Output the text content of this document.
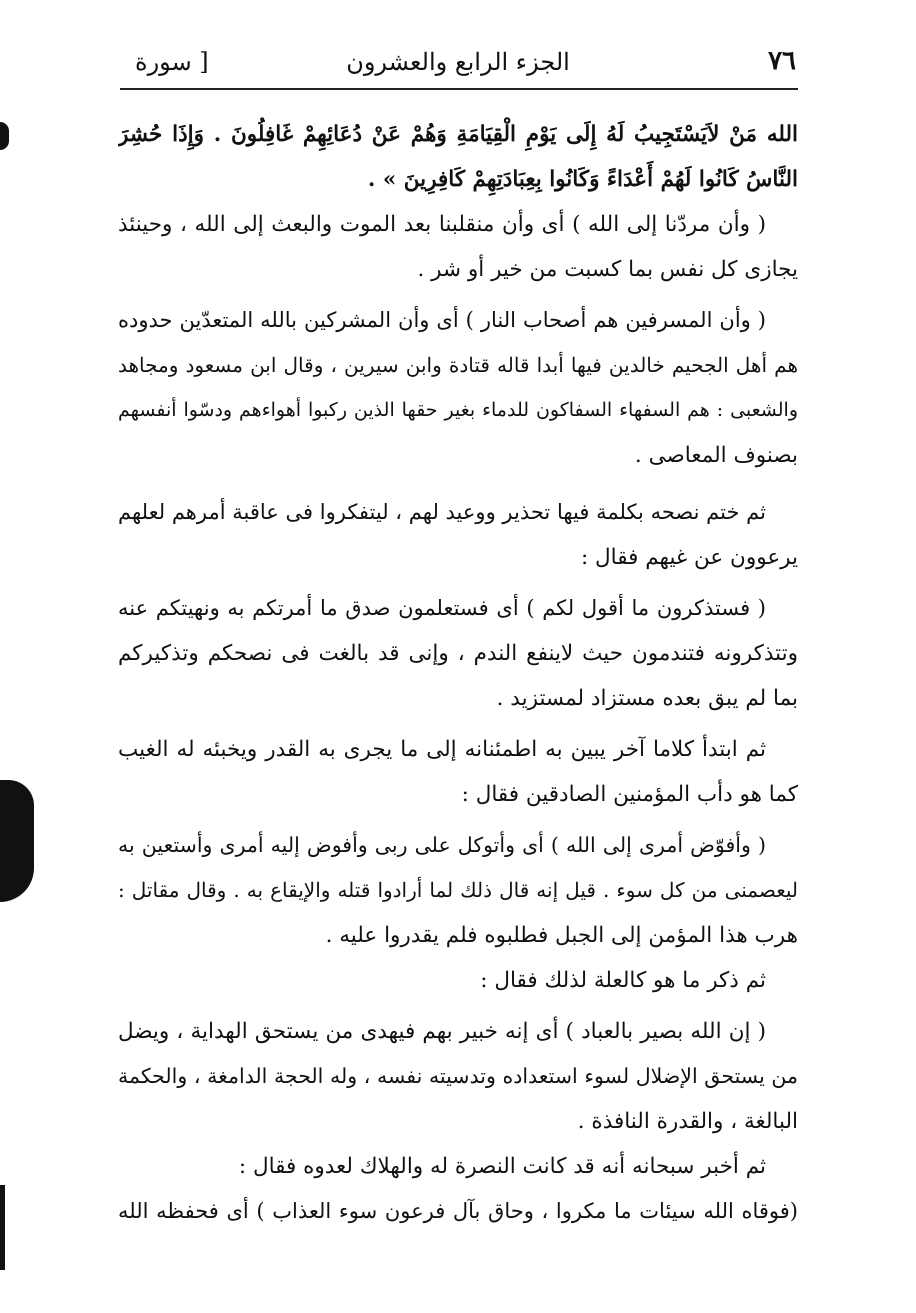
٧٦
الجزء الرابع والعشرون
[ سورة
الله مَنْ لاَيَسْتَجِيبُ لَهُ إِلَى يَوْمِ الْقِيَامَةِ وَهُمْ عَنْ دُعَائِهِمْ غَافِلُونَ . وَإِذَا حُشِرَ
النَّاسُ كَانُوا لَهُمْ أَعْدَاءً وَكَانُوا بِعِبَادَتِهِمْ كَافِرِينَ » .
( وأن مردّنا إلى الله ) أى وأن منقلبنا بعد الموت والبعث إلى الله ، وحينئذ
يجازى كل نفس بما كسبت من خير أو شر .
( وأن المسرفين هم أصحاب النار ) أى وأن المشركين بالله المتعدّين حدوده
هم أهل الجحيم خالدين فيها أبدا قاله قتادة وابن سيرين ، وقال ابن مسعود ومجاهد
والشعبى : هم السفهاء السفاكون للدماء بغير حقها الذين ركبوا أهواءهم ودسّوا أنفسهم
بصنوف المعاصى .
ثم ختم نصحه بكلمة فيها تحذير ووعيد لهم ، ليتفكروا فى عاقبة أمرهم لعلهم
يرعوون عن غيهم فقال :
( فستذكرون ما أقول لكم ) أى فستعلمون صدق ما أمرتكم به ونهيتكم عنه
وتتذكرونه فتندمون حيث لاينفع الندم ، وإنى قد بالغت فى نصحكم وتذكيركم
بما لم يبق بعده مستزاد لمستزيد .
ثم ابتدأ كلاما آخر يبين به اطمئنانه إلى ما يجرى به القدر ويخبئه له الغيب
كما هو دأب المؤمنين الصادقين فقال :
( وأفوّض أمرى إلى الله ) أى وأتوكل على ربى وأفوض إليه أمرى وأستعين به
ليعصمنى من كل سوء . قيل إنه قال ذلك لما أرادوا قتله والإيقاع به . وقال مقاتل :
هرب هذا المؤمن إلى الجبل فطلبوه فلم يقدروا عليه .
ثم ذكر ما هو كالعلة لذلك فقال :
( إن الله بصير بالعباد ) أى إنه خبير بهم فيهدى من يستحق الهداية ، ويضل
من يستحق الإضلال لسوء استعداده وتدسيته نفسه ، وله الحجة الدامغة ، والحكمة
البالغة ، والقدرة النافذة .
ثم أخبر سبحانه أنه قد كانت النصرة له والهلاك لعدوه فقال :
(فوقاه الله سيئات ما مكروا ، وحاق بآل فرعون سوء العذاب ) أى فحفظه الله
